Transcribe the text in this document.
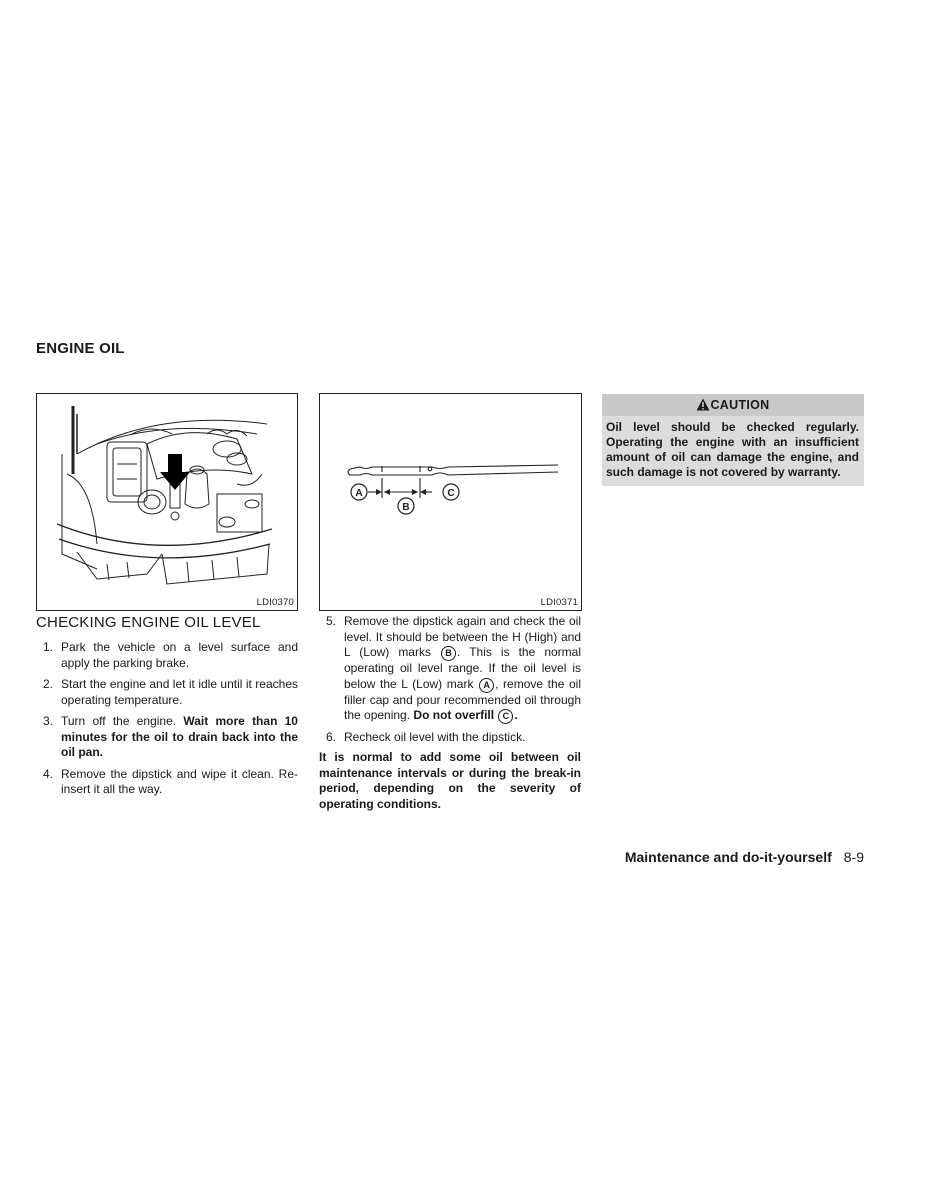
ENGINE OIL
LDI0370
A
B
C
LDI0371
CHECKING ENGINE OIL LEVEL
1. Park the vehicle on a level surface and apply the parking brake.
2. Start the engine and let it idle until it reaches operating temperature.
3. Turn off the engine. Wait more than 10 minutes for the oil to drain back into the oil pan.
4. Remove the dipstick and wipe it clean. Re-insert it all the way.
5. Remove the dipstick again and check the oil level. It should be between the H (High) and L (Low) marks B . This is the normal operating oil level range. If the oil level is below the L (Low) mark A , remove the oil filler cap and pour recommended oil through the opening. Do not overfill C .
6. Recheck oil level with the dipstick.
It is normal to add some oil between oil maintenance intervals or during the break-in period, depending on the severity of operating conditions.
CAUTION
Oil level should be checked regularly. Operating the engine with an insufficient amount of oil can damage the engine, and such damage is not covered by warranty.
Maintenance and do-it-yourself 8-9
